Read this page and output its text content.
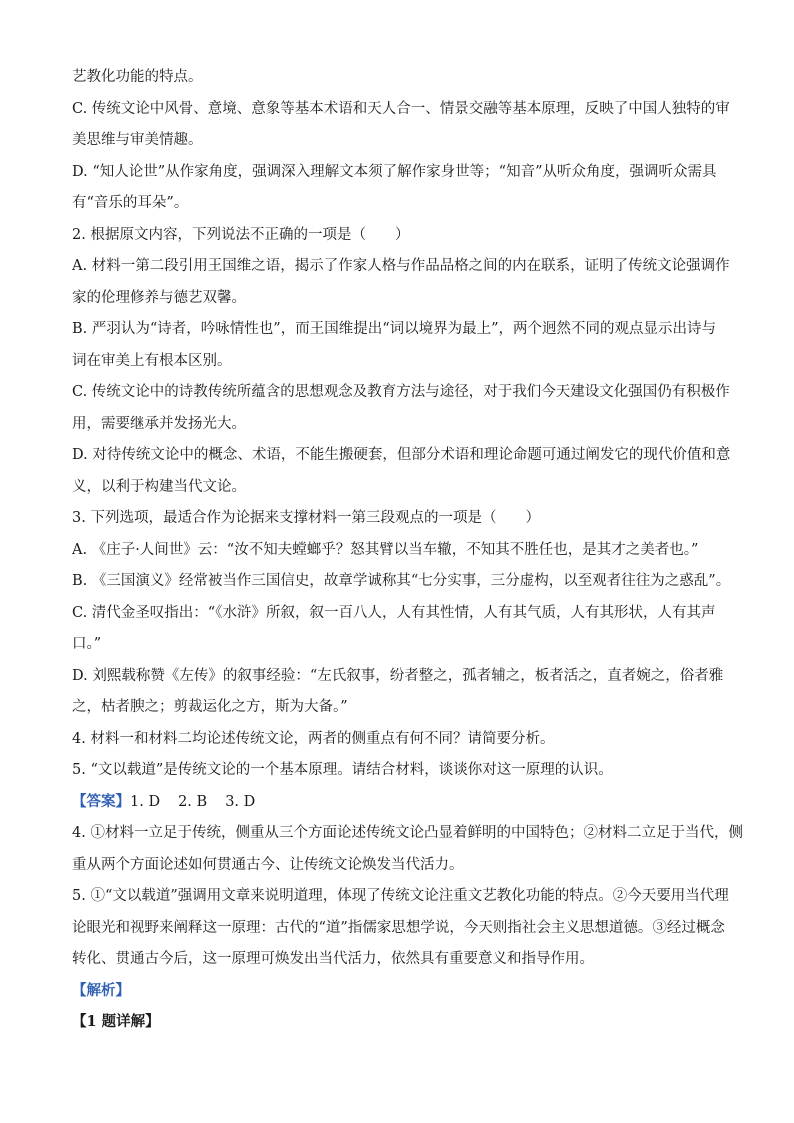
艺教化功能的特点。
C. 传统文论中风骨、意境、意象等基本术语和天人合一、情景交融等基本原理，反映了中国人独特的审
美思维与审美情趣。
D. “知人论世”从作家角度，强调深入理解文本须了解作家身世等；“知音”从听众角度，强调听众需具
有“音乐的耳朵”。
2. 根据原文内容，下列说法不正确的一项是（　　）
A. 材料一第二段引用王国维之语，揭示了作家人格与作品品格之间的内在联系，证明了传统文论强调作
家的伦理修养与德艺双馨。
B. 严羽认为“诗者，吟咏情性也”，而王国维提出“词以境界为最上”，两个迥然不同的观点显示出诗与
词在审美上有根本区别。
C. 传统文论中的诗教传统所蕴含的思想观念及教育方法与途径，对于我们今天建设文化强国仍有积极作
用，需要继承并发扬光大。
D. 对待传统文论中的概念、术语，不能生搬硬套，但部分术语和理论命题可通过阐发它的现代价值和意
义，以利于构建当代文论。
3. 下列选项，最适合作为论据来支撑材料一第三段观点的一项是（　　）
A. 《庄子·人间世》云：“汝不知夫螳螂乎？怒其臂以当车辙，不知其不胜任也，是其才之美者也。”
B. 《三国演义》经常被当作三国信史，故章学诚称其“七分实事，三分虚构，以至观者往往为之惑乱”。
C. 清代金圣叹指出：“《水浒》所叙，叙一百八人，人有其性情，人有其气质，人有其形状，人有其声
口。”
D. 刘熙载称赞《左传》的叙事经验：“左氏叙事，纷者整之，孤者辅之，板者活之，直者婉之，俗者雅
之，枯者腴之；剪裁运化之方，斯为大备。”
4. 材料一和材料二均论述传统文论，两者的侧重点有何不同？请简要分析。
5. “文以载道”是传统文论的一个基本原理。请结合材料，谈谈你对这一原理的认识。
【答案】1. D 2. B 3. D
4. ①材料一立足于传统，侧重从三个方面论述传统文论凸显着鲜明的中国特色；②材料二立足于当代，侧
重从两个方面论述如何贯通古今、让传统文论焕发当代活力。
5. ①“文以载道”强调用文章来说明道理，体现了传统文论注重文艺教化功能的特点。②今天要用当代理
论眼光和视野来阐释这一原理：古代的“道”指儒家思想学说，今天则指社会主义思想道德。③经过概念
转化、贯通古今后，这一原理可焕发出当代活力，依然具有重要意义和指导作用。
【解析】
【1 题详解】
